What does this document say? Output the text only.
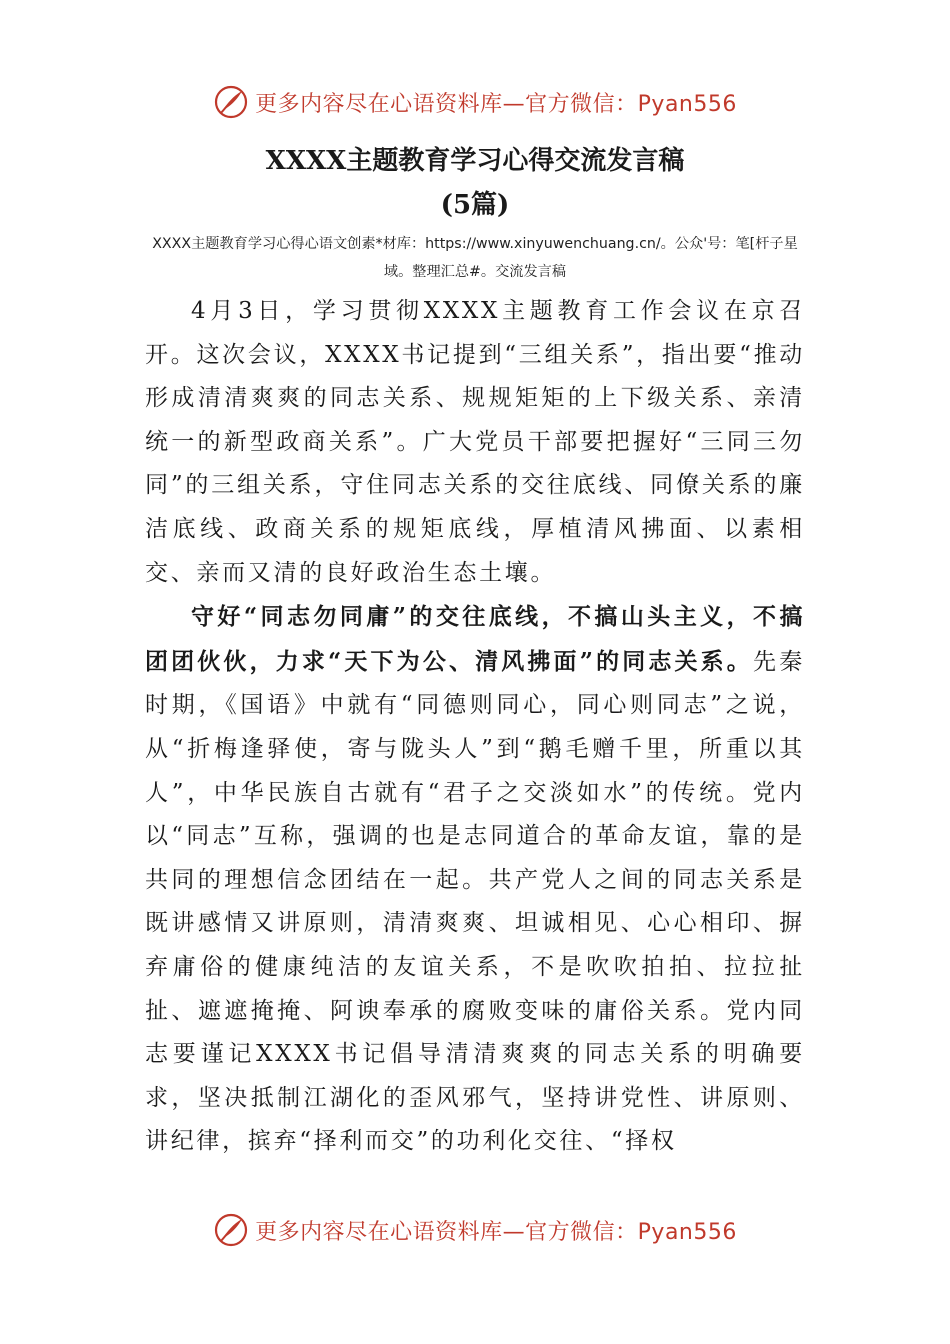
更多内容尽在心语资料库—官方微信：Pyan556
XXXX主题教育学习心得交流发言稿
(5篇)
XXXX主题教育学习心得心语文创素*材库：https://www.xinyuwenchuang.cn/。公众'号：笔[杆子星域。整理汇总#。交流发言稿

4月3日，学习贯彻XXXX主题教育工作会议在京召开。这次会议，XXXX书记提到“三组关系”，指出要“推动形成清清爽爽的同志关系、规规矩矩的上下级关系、亲清统一的新型政商关系”。广大党员干部要把握好“三同三勿同”的三组关系，守住同志关系的交往底线、同僚关系的廉洁底线、政商关系的规矩底线，厚植清风拂面、以素相交、亲而又清的良好政治生态土壤。

守好“同志勿同庸”的交往底线，不搞山头主义，不搞团团伙伙，力求“天下为公、清风拂面”的同志关系。先秦时期，《国语》中就有“同德则同心，同心则同志”之说，从“折梅逢驿使，寄与陇头人”到“鹅毛赠千里，所重以其人”，中华民族自古就有“君子之交淡如水”的传统。党内以“同志”互称，强调的也是志同道合的革命友谊，靠的是共同的理想信念团结在一起。共产党人之间的同志关系是既讲感情又讲原则，清清爽爽、坦诚相见、心心相印、摒弃庸俗的健康纯洁的友谊关系，不是吹吹拍拍、拉拉扯扯、遮遮掩掩、阿谀奉承的腐败变味的庸俗关系。党内同志要谨记XXXX书记倡导清清爽爽的同志关系的明确要求，坚决抵制江湖化的歪风邪气，坚持讲党性、讲原则、讲纪律，摈弃“择利而交”的功利化交往、“择权

更多内容尽在心语资料库—官方微信：Pyan556
